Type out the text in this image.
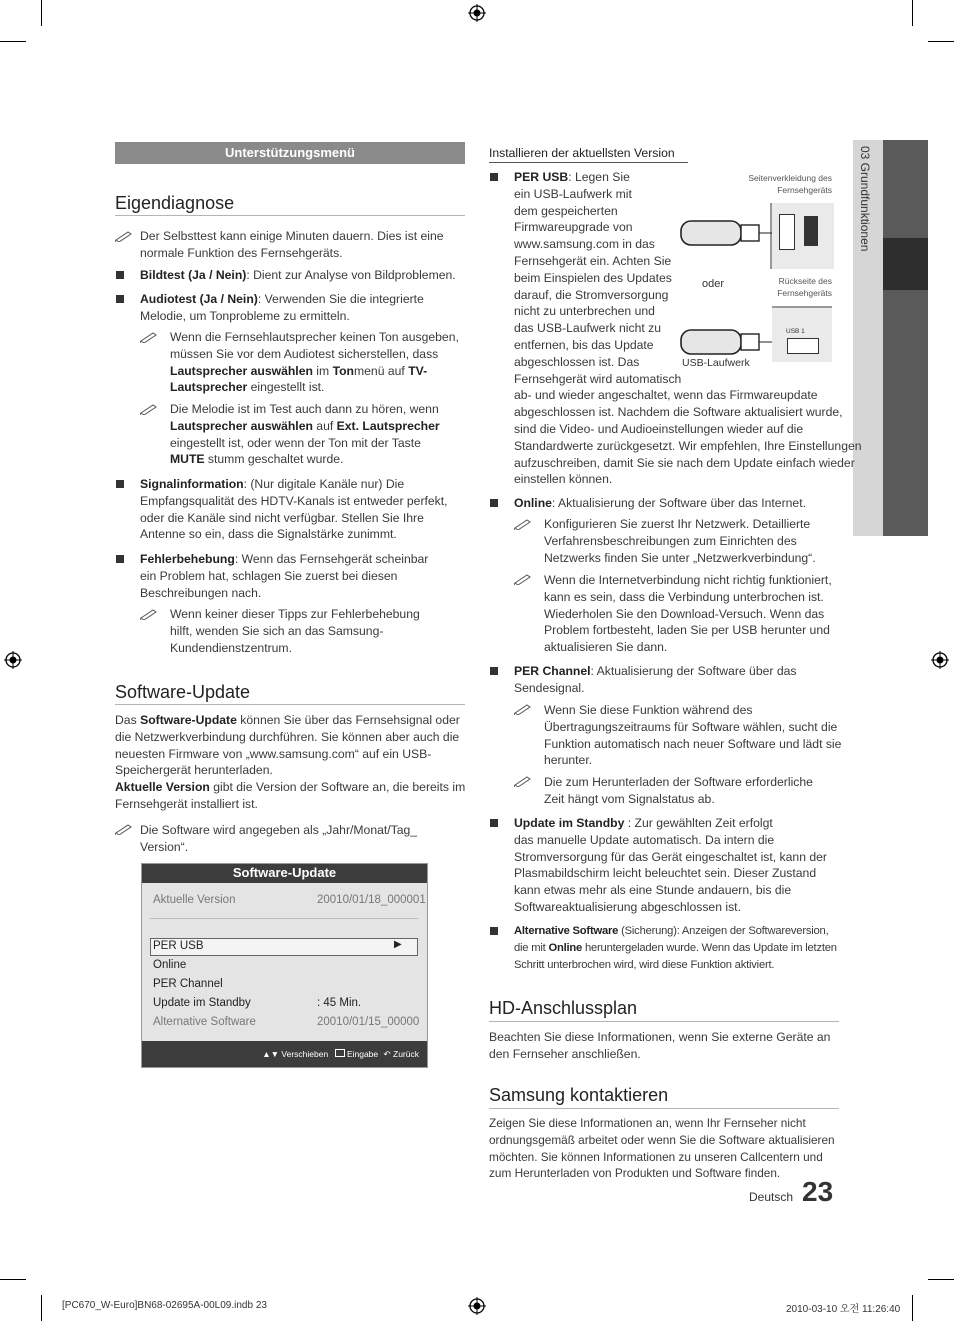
03 Grundfunktionen
Unterstützungsmenü
Eigendiagnose
Der Selbsttest kann einige Minuten dauern. Dies ist eine
normale Funktion des Fernsehgeräts.
Bildtest (Ja / Nein): Dient zur Analyse von Bildproblemen.
Audiotest (Ja / Nein): Verwenden Sie die integrierte
Melodie, um Tonprobleme zu ermitteln.
Wenn die Fernsehlautsprecher keinen Ton ausgeben,
müssen Sie vor dem Audiotest sicherstellen, dass
Lautsprecher auswählen im Tonmenü auf TV-
Lautsprecher eingestellt ist.
Die Melodie ist im Test auch dann zu hören, wenn
Lautsprecher auswählen auf Ext. Lautsprecher
eingestellt ist, oder wenn der Ton mit der Taste
MUTE stumm geschaltet wurde.
Signalinformation: (Nur digitale Kanäle nur) Die
Empfangsqualität des HDTV-Kanals ist entweder perfekt,
oder die Kanäle sind nicht verfügbar. Stellen Sie Ihre
Antenne so ein, dass die Signalstärke zunimmt.
Fehlerbehebung: Wenn das Fernsehgerät scheinbar
ein Problem hat, schlagen Sie zuerst bei diesen
Beschreibungen nach.
Wenn keiner dieser Tipps zur Fehlerbehebung
hilft, wenden Sie sich an das Samsung-
Kundendienstzentrum.
Software-Update
Das Software-Update können Sie über das Fernsehsignal oder
die Netzwerkverbindung durchführen. Sie können aber auch die
neuesten Firmware von „www.samsung.com“ auf ein USB-
Speichergerät herunterladen.
Aktuelle Version gibt die Version der Software an, die bereits im
Fernsehgerät installiert ist.
Die Software wird angegeben als „Jahr/Monat/Tag_
Version“.
Software-Update
Aktuelle Version	20010/01/18_000001
PER USB	▶
Online
PER Channel
Update im Standby	: 45 Min.
Alternative Software	20010/01/15_00000
▲▼ Verschieben Eingabe ↶ Zurück
Installieren der aktuellsten Version
PER USB: Legen Sie
ein USB-Laufwerk mit
dem gespeicherten
Firmwareupgrade von
www.samsung.com in das
Fernsehgerät ein. Achten Sie
beim Einspielen des Updates
darauf, die Stromversorgung
nicht zu unterbrechen und
das USB-Laufwerk nicht zu
entfernen, bis das Update
abgeschlossen ist. Das
Fernsehgerät wird automatisch
ab- und wieder angeschaltet, wenn das Firmwareupdate
abgeschlossen ist. Nachdem die Software aktualisiert wurde,
sind die Video- und Audioeinstellungen wieder auf die
Standardwerte zurückgesetzt. Wir empfehlen, Ihre Einstellungen
aufzuschreiben, damit Sie sie nach dem Update einfach wieder
einstellen können.
Seitenverkleidung des
Fernsehgeräts
oder	Rückseite des
Fernsehgeräts
USB 1
USB-Laufwerk
Online: Aktualisierung der Software über das Internet.
Konfigurieren Sie zuerst Ihr Netzwerk. Detaillierte
Verfahrensbeschreibungen zum Einrichten des
Netzwerks finden Sie unter „Netzwerkverbindung“.
Wenn die Internetverbindung nicht richtig funktioniert,
kann es sein, dass die Verbindung unterbrochen ist.
Wiederholen Sie den Download-Versuch. Wenn das
Problem fortbesteht, laden Sie per USB herunter und
aktualisieren Sie dann.
PER Channel: Aktualisierung der Software über das
Sendesignal.
Wenn Sie diese Funktion während des
Übertragungszeitraums für Software wählen, sucht die
Funktion automatisch nach neuer Software und lädt sie
herunter.
Die zum Herunterladen der Software erforderliche
Zeit hängt vom Signalstatus ab.
Update im Standby : Zur gewählten Zeit erfolgt
das manuelle Update automatisch. Da intern die
Stromversorgung für das Gerät eingeschaltet ist, kann der
Plasmabildschirm leicht beleuchtet sein. Dieser Zustand
kann etwas mehr als eine Stunde andauern, bis die
Softwareaktualisierung abgeschlossen ist.
Alternative Software (Sicherung): Anzeigen der Softwareversion,
die mit Online heruntergeladen wurde. Wenn das Update im letzten
Schritt unterbrochen wird, wird diese Funktion aktiviert.
HD-Anschlussplan
Beachten Sie diese Informationen, wenn Sie externe Geräte an
den Fernseher anschließen.
Samsung kontaktieren
Zeigen Sie diese Informationen an, wenn Ihr Fernseher nicht
ordnungsgemäß arbeitet oder wenn Sie die Software aktualisieren
möchten. Sie können Informationen zu unseren Callcentern und
zum Herunterladen von Produkten und Software finden.
Deutsch 23
[PC670_W-Euro]BN68-02695A-00L09.indb 23	2010-03-10 오전 11:26:40
